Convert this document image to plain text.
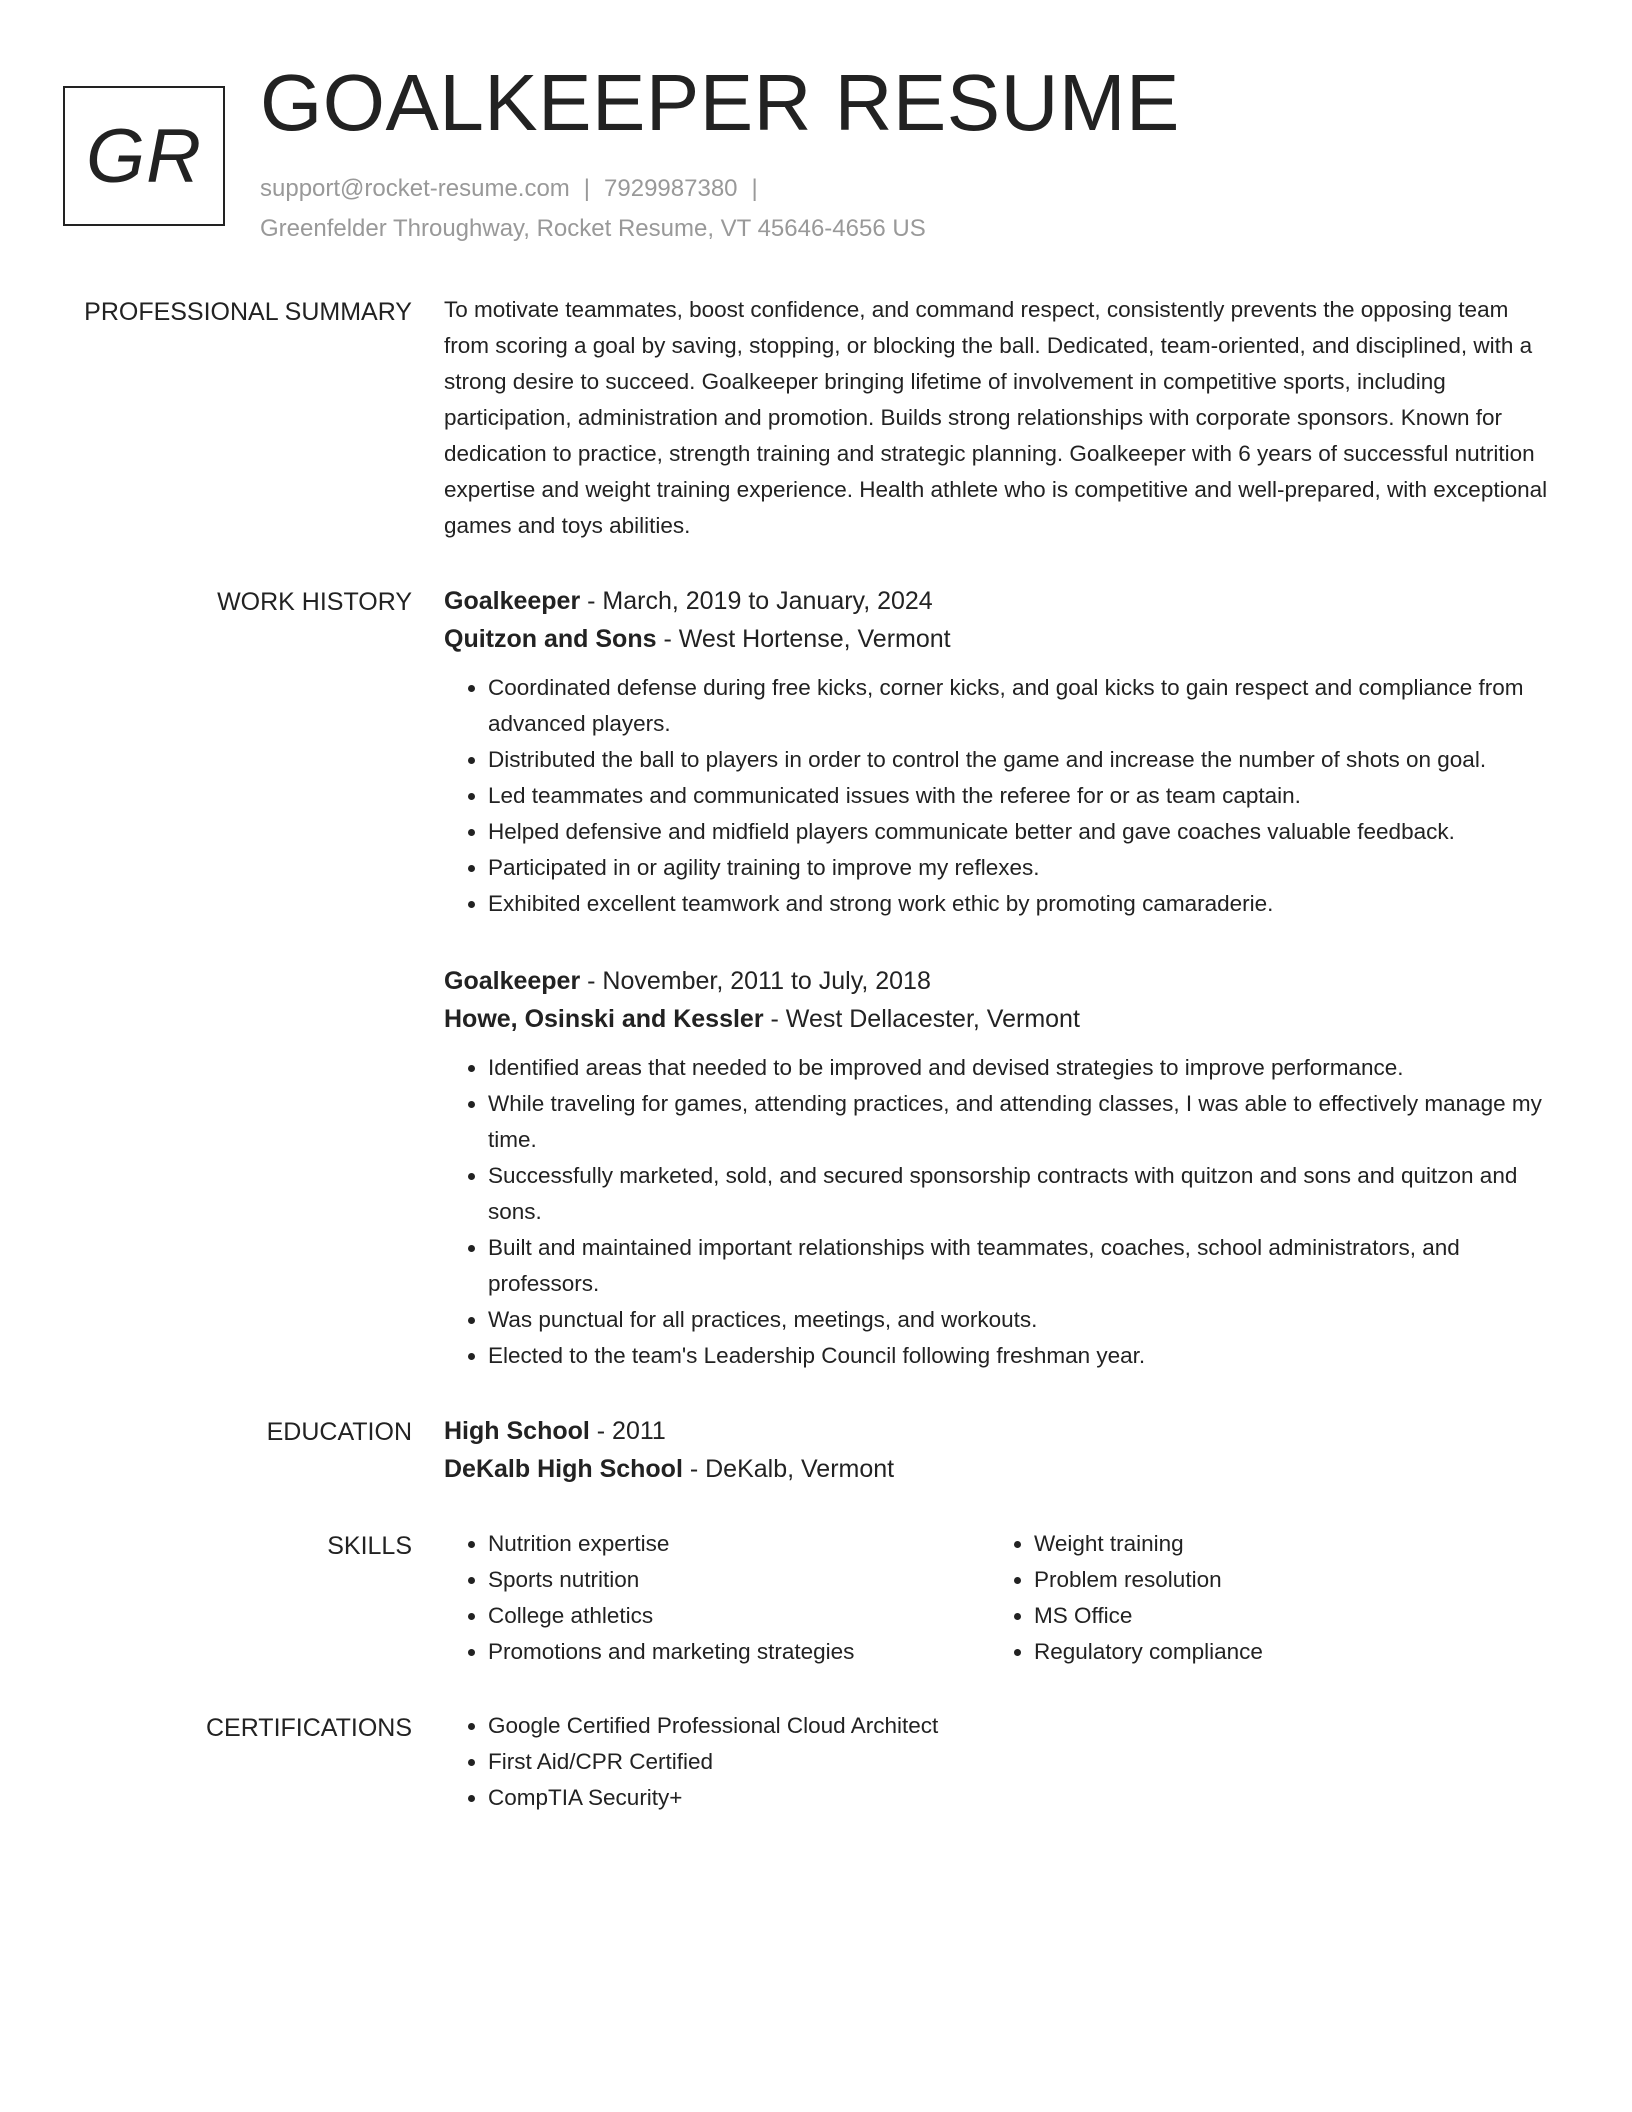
GR
GOALKEEPER RESUME
support@rocket-resume.com | 7929987380 |
Greenfelder Throughway, Rocket Resume, VT 45646-4656 US
PROFESSIONAL SUMMARY To motivate teammates, boost confidence, and command respect, consistently prevents the opposing team from scoring a goal by saving, stopping, or blocking the ball. Dedicated, team-oriented, and disciplined, with a strong desire to succeed. Goalkeeper bringing lifetime of involvement in competitive sports, including participation, administration and promotion. Builds strong relationships with corporate sponsors. Known for dedication to practice, strength training and strategic planning. Goalkeeper with 6 years of successful nutrition expertise and weight training experience. Health athlete who is competitive and well-prepared, with exceptional games and toys abilities.

WORK HISTORY Goalkeeper - March, 2019 to January, 2024
Quitzon and Sons - West Hortense, Vermont
• Coordinated defense during free kicks, corner kicks, and goal kicks to gain respect and compliance from advanced players.
• Distributed the ball to players in order to control the game and increase the number of shots on goal.
• Led teammates and communicated issues with the referee for or as team captain.
• Helped defensive and midfield players communicate better and gave coaches valuable feedback.
• Participated in or agility training to improve my reflexes.
• Exhibited excellent teamwork and strong work ethic by promoting camaraderie.
Goalkeeper - November, 2011 to July, 2018
Howe, Osinski and Kessler - West Dellacester, Vermont
• Identified areas that needed to be improved and devised strategies to improve performance.
• While traveling for games, attending practices, and attending classes, I was able to effectively manage my time.
• Successfully marketed, sold, and secured sponsorship contracts with quitzon and sons and quitzon and sons.
• Built and maintained important relationships with teammates, coaches, school administrators, and professors.
• Was punctual for all practices, meetings, and workouts.
• Elected to the team's Leadership Council following freshman year.
EDUCATION High School - 2011
DeKalb High School - DeKalb, Vermont
SKILLS	• Nutrition expertise
• Sports nutrition
• College athletics
• Promotions and marketing strategies
• Weight training
• Problem resolution
• MS Office
• Regulatory compliance
CERTIFICATIONS	• Google Certified Professional Cloud Architect
• First Aid/CPR Certified
• CompTIA Security+
